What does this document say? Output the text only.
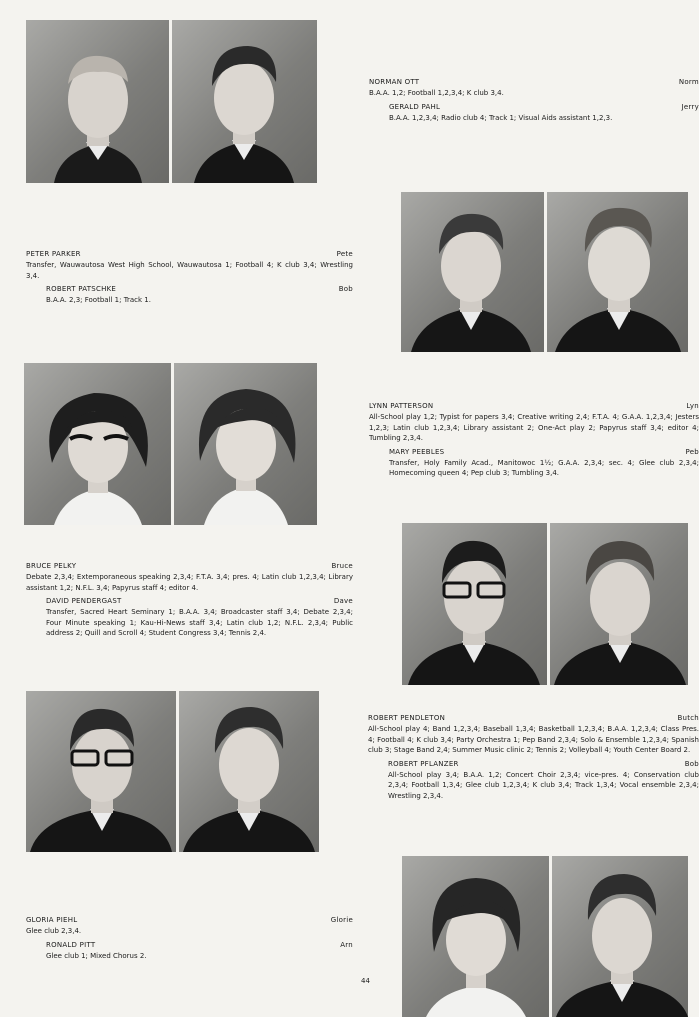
NORMAN OTT	Norm
B.A.A. 1,2; Football 1,2,3,4; K club 3,4.
GERALD PAHL	Jerry
B.A.A. 1,2,3,4; Radio club 4; Track 1; Visual Aids assistant 1,2,3.
PETER PARKER	Pete
Transfer, Wauwautosa West High School, Wauwautosa 1; Football 4; K club 3,4; Wrestling 3,4.
ROBERT PATSCHKE	Bob
B.A.A. 2,3; Football 1; Track 1.
LYNN PATTERSON	Lyn
All-School play 1,2; Typist for papers 3,4; Creative writing 2,4; F.T.A. 4; G.A.A. 1,2,3,4; Jesters 1,2,3; Latin club 1,2,3,4; Library assistant 2; One-Act play 2; Papyrus staff 3,4; editor 4; Tumbling 2,3,4.
MARY PEEBLES	Peb
Transfer, Holy Family Acad., Manitowoc 1½; G.A.A. 2,3,4; sec. 4; Glee club 2,3,4; Homecoming queen 4; Pep club 3; Tumbling 3,4.
BRUCE PELKY	Bruce
Debate 2,3,4; Extemporaneous speaking 2,3,4; F.T.A. 3,4; pres. 4; Latin club 1,2,3,4; Library assistant 1,2; N.F.L. 3,4; Papyrus staff 4; editor 4.
DAVID PENDERGAST	Dave
Transfer, Sacred Heart Seminary 1; B.A.A. 3,4; Broadcaster staff 3,4; Debate 2,3,4; Four Minute speaking 1; Kau-Hi-News staff 3,4; Latin club 1,2; N.F.L. 2,3,4; Public address 2; Quill and Scroll 4; Student Congress 3,4; Tennis 2,4.
ROBERT PENDLETON	Butch
All-School play 4; Band 1,2,3,4; Baseball 1,3,4; Basketball 1,2,3,4; B.A.A. 1,2,3,4; Class Pres. 4; Football 4; K club 3,4; Party Orchestra 1; Pep Band 2,3,4; Solo & Ensemble 1,2,3,4; Spanish club 3; Stage Band 2,4; Summer Music clinic 2; Tennis 2; Volleyball 4; Youth Center Board 2.
ROBERT PFLANZER	Bob
All-School play 3,4; B.A.A. 1,2; Concert Choir 2,3,4; vice-pres. 4; Conservation club 2,3,4; Football 1,3,4; Glee club 1,2,3,4; K club 3,4; Track 1,3,4; Vocal ensemble 2,3,4; Wrestling 2,3,4.
GLORIA PIEHL	Glorie
Glee club 2,3,4.
RONALD PITT	Arn
Glee club 1; Mixed Chorus 2.
44
